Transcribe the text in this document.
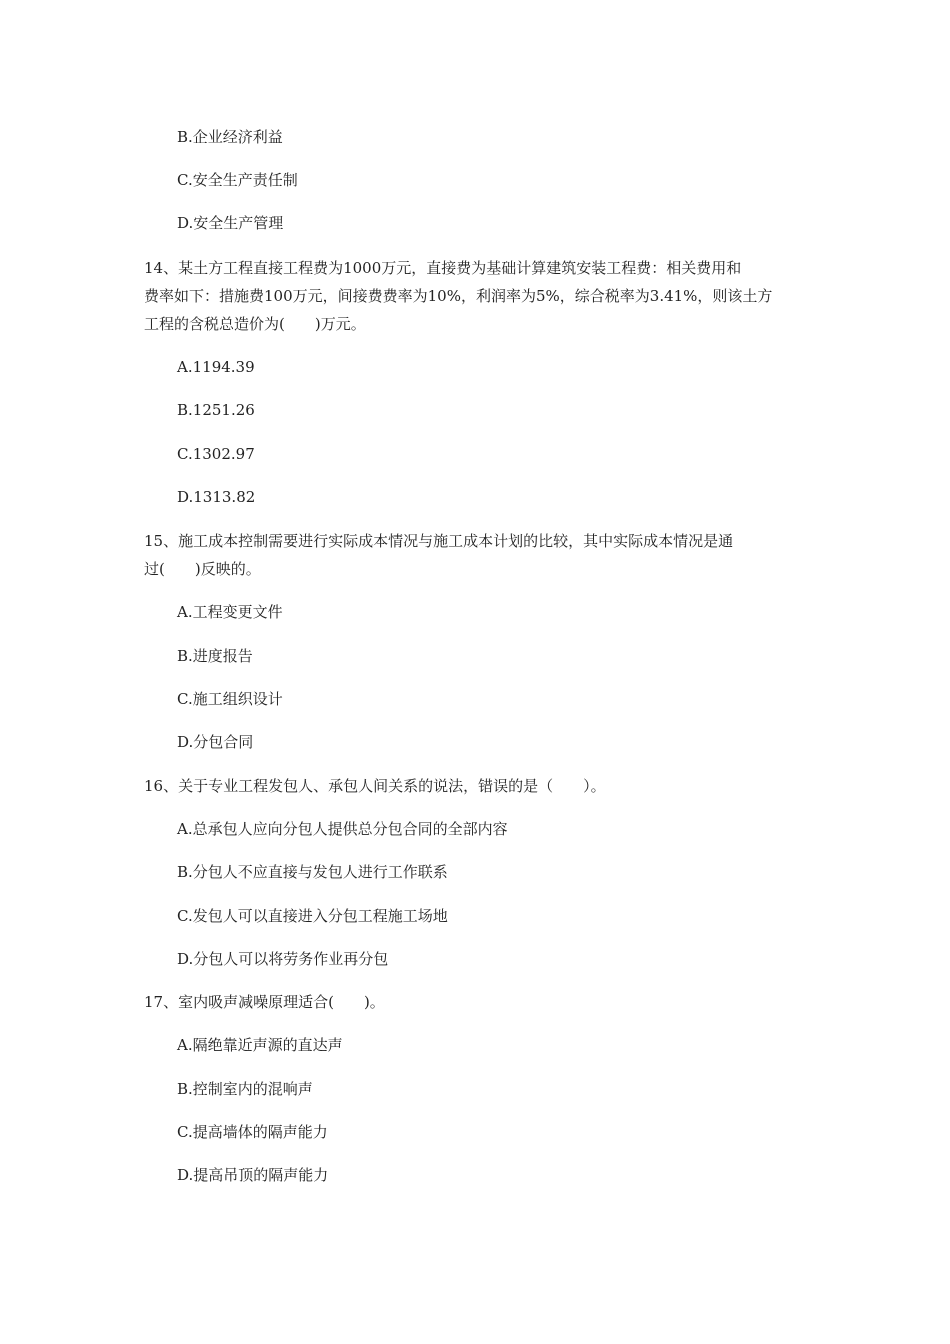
B.企业经济利益
C.安全生产责任制
D.安全生产管理
14、某土方工程直接工程费为1000万元，直接费为基础计算建筑安装工程费：相关费用和
费率如下：措施费100万元，间接费费率为10%，利润率为5%，综合税率为3.41%，则该土方
工程的含税总造价为(　　)万元。
A.1194.39
B.1251.26
C.1302.97
D.1313.82
15、施工成本控制需要进行实际成本情况与施工成本计划的比较，其中实际成本情况是通
过(　　)反映的。
A.工程变更文件
B.进度报告
C.施工组织设计
D.分包合同
16、关于专业工程发包人、承包人间关系的说法，错误的是（　　）。
A.总承包人应向分包人提供总分包合同的全部内容
B.分包人不应直接与发包人进行工作联系
C.发包人可以直接进入分包工程施工场地
D.分包人可以将劳务作业再分包
17、室内吸声减噪原理适合(　　)。
A.隔绝靠近声源的直达声
B.控制室内的混响声
C.提高墙体的隔声能力
D.提高吊顶的隔声能力
